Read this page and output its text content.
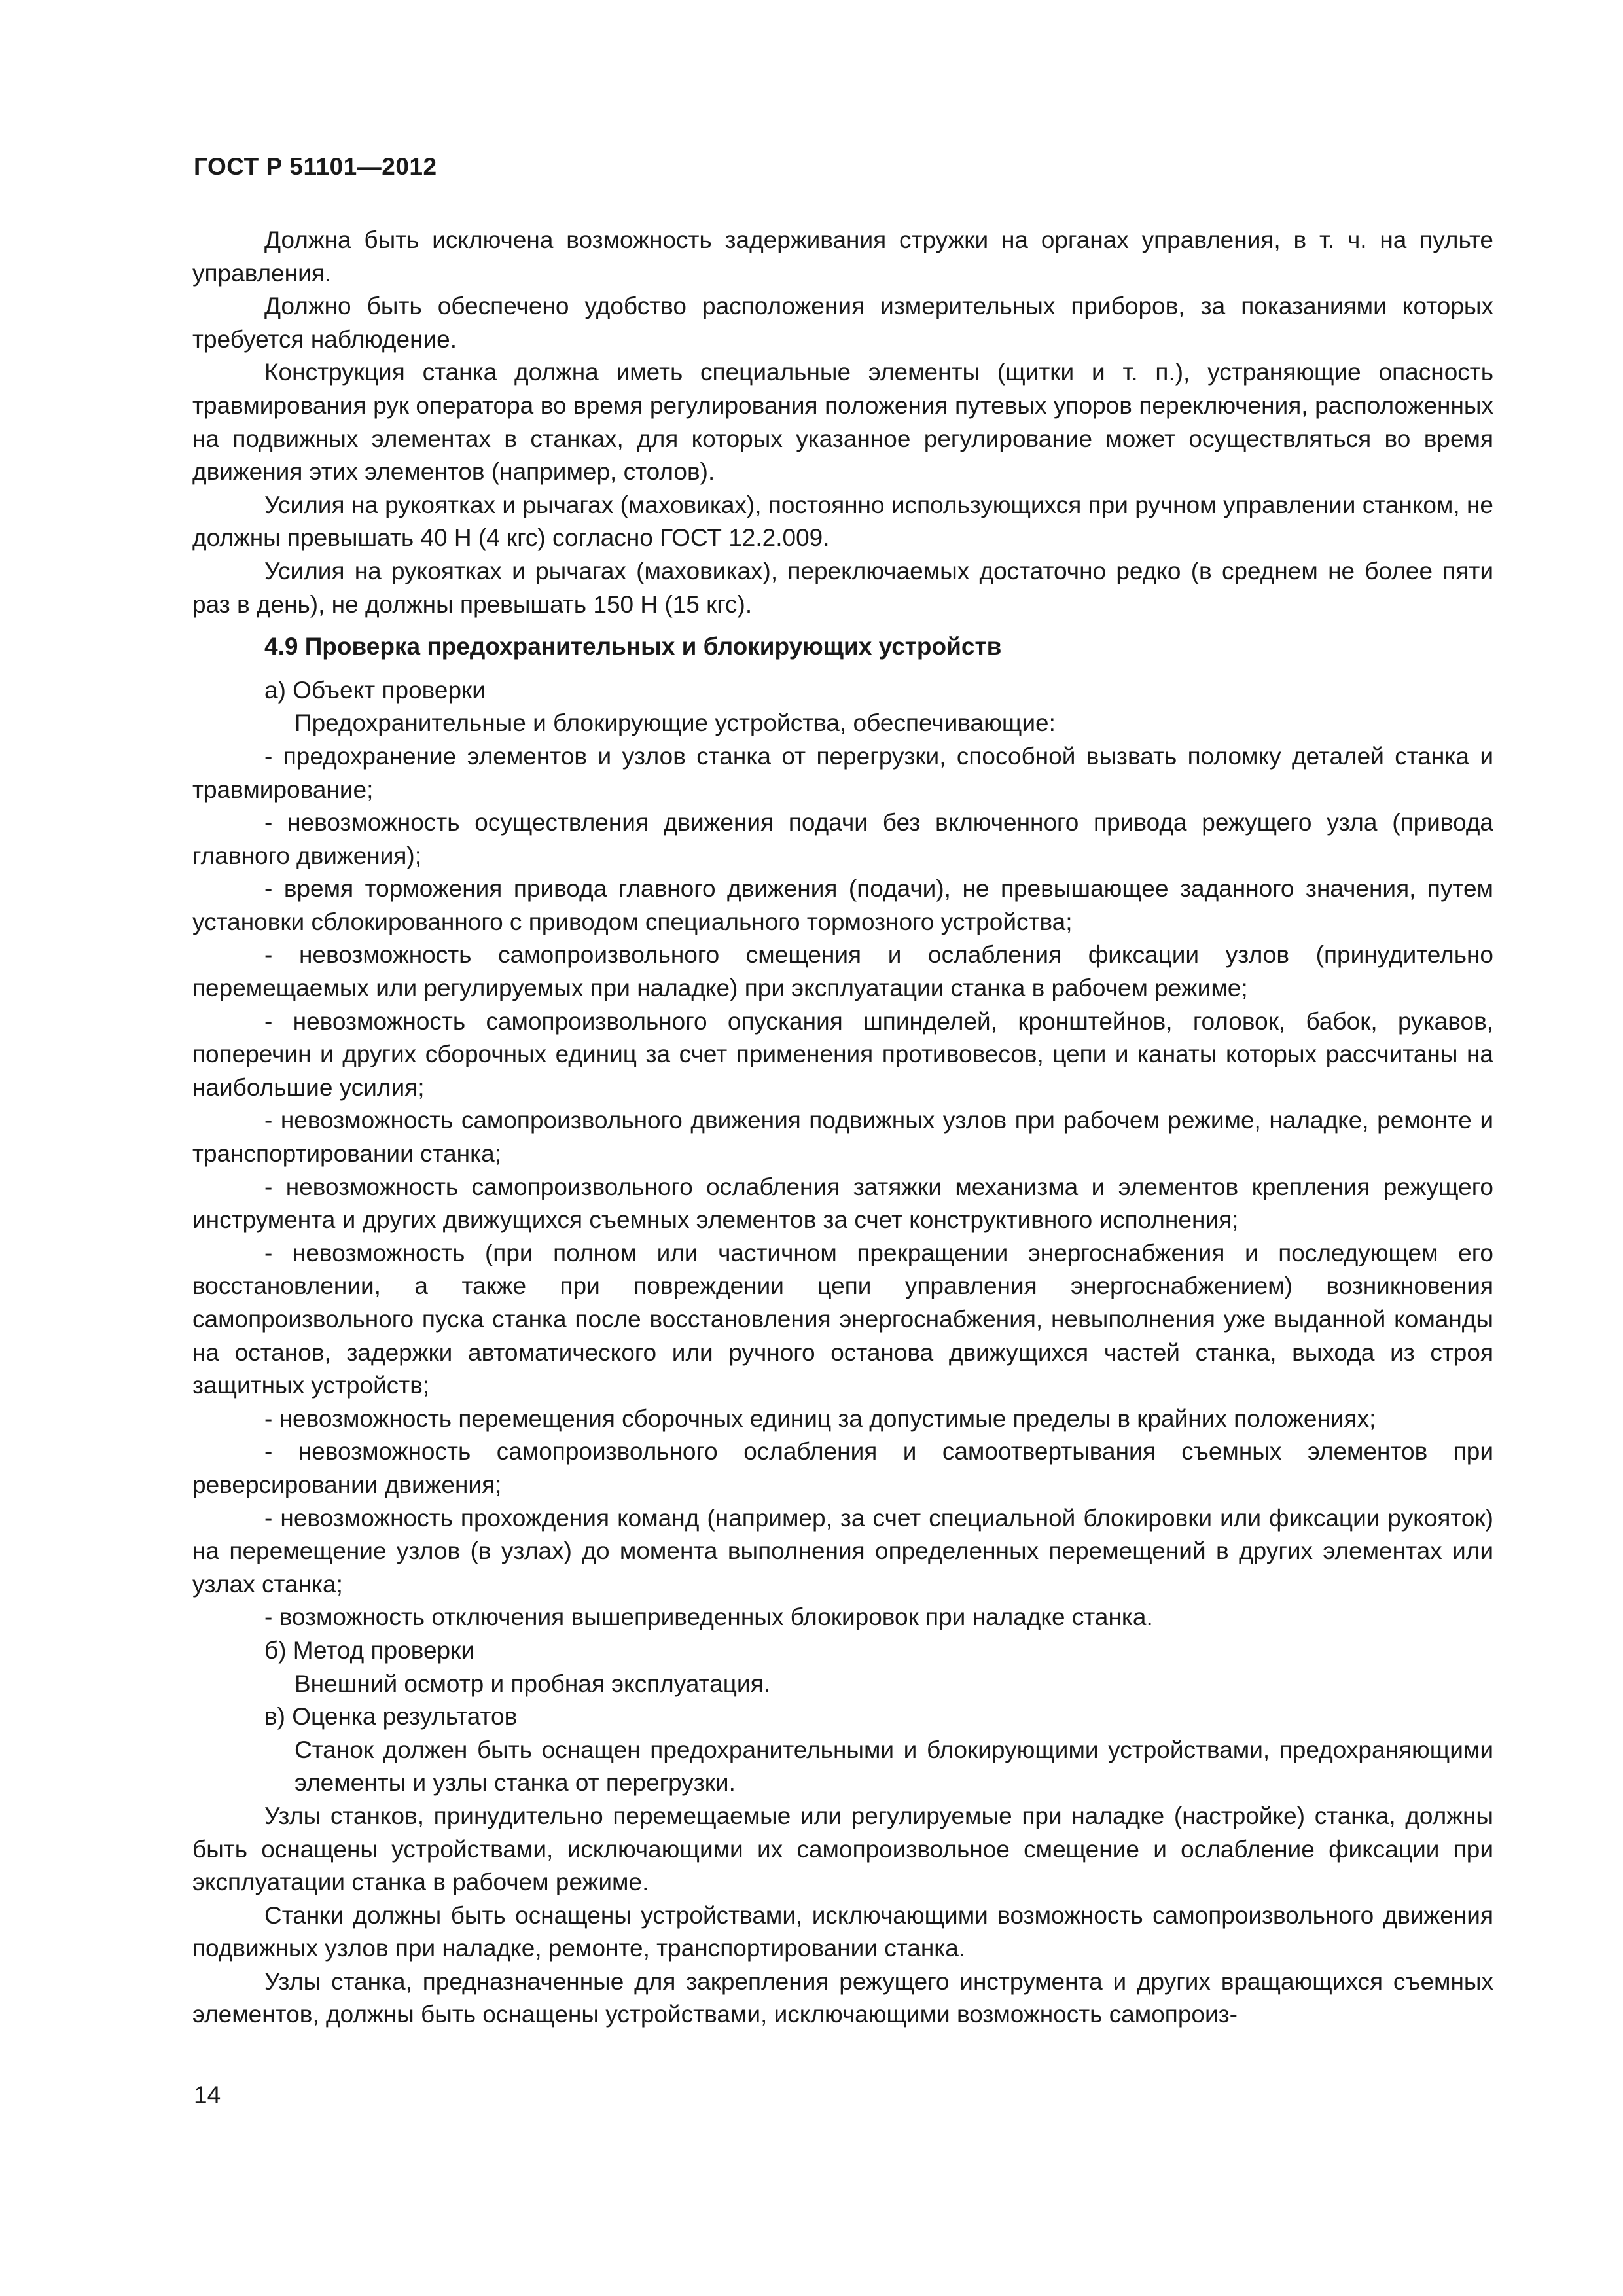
ГОСТ Р 51101—2012

Должна быть исключена возможность задерживания стружки на органах управления, в т. ч. на пульте управления.

Должно быть обеспечено удобство расположения измерительных приборов, за показаниями которых требуется наблюдение.

Конструкция станка должна иметь специальные элементы (щитки и т. п.), устраняющие опасность травмирования рук оператора во время регулирования положения путевых упоров переключения, расположенных на подвижных элементах в станках, для которых указанное регулирование может осуществляться во время движения этих элементов (например, столов).

Усилия на рукоятках и рычагах (маховиках), постоянно использующихся при ручном управлении станком, не должны превышать 40 Н (4 кгс) согласно ГОСТ 12.2.009.

Усилия на рукоятках и рычагах (маховиках), переключаемых достаточно редко (в среднем не более пяти раз в день), не должны превышать 150 Н (15 кгс).

4.9 Проверка предохранительных и блокирующих устройств

а) Объект проверки

Предохранительные и блокирующие устройства, обеспечивающие:

- предохранение элементов и узлов станка от перегрузки, способной вызвать поломку деталей станка и травмирование;

- невозможность осуществления движения подачи без включенного привода режущего узла (привода главного движения);

- время торможения привода главного движения (подачи), не превышающее заданного значения, путем установки сблокированного с приводом специального тормозного устройства;

- невозможность самопроизвольного смещения и ослабления фиксации узлов (принудительно перемещаемых или регулируемых при наладке) при эксплуатации станка в рабочем режиме;

- невозможность самопроизвольного опускания шпинделей, кронштейнов, головок, бабок, рукавов, поперечин и других сборочных единиц за счет применения противовесов, цепи и канаты которых рассчитаны на наибольшие усилия;

- невозможность самопроизвольного движения подвижных узлов при рабочем режиме, наладке, ремонте и транспортировании станка;

- невозможность самопроизвольного ослабления затяжки механизма и элементов крепления режущего инструмента и других движущихся съемных элементов за счет конструктивного исполнения;

- невозможность (при полном или частичном прекращении энергоснабжения и последующем его восстановлении, а также при повреждении цепи управления энергоснабжением) возникновения самопроизвольного пуска станка после восстановления энергоснабжения, невыполнения уже выданной команды на останов, задержки автоматического или ручного останова движущихся частей станка, выхода из строя защитных устройств;

- невозможность перемещения сборочных единиц за допустимые пределы в крайних положениях;

- невозможность самопроизвольного ослабления и самоотвертывания съемных элементов при реверсировании движения;

- невозможность прохождения команд (например, за счет специальной блокировки или фиксации рукояток) на перемещение узлов (в узлах) до момента выполнения определенных перемещений в других элементах или узлах станка;

- возможность отключения вышеприведенных блокировок при наладке станка.

б) Метод проверки

Внешний осмотр и пробная эксплуатация.

в) Оценка результатов

Станок должен быть оснащен предохранительными и блокирующими устройствами, предохраняющими элементы и узлы станка от перегрузки.

Узлы станков, принудительно перемещаемые или регулируемые при наладке (настройке) станка, должны быть оснащены устройствами, исключающими их самопроизвольное смещение и ослабление фиксации при эксплуатации станка в рабочем режиме.

Станки должны быть оснащены устройствами, исключающими возможность самопроизвольного движения подвижных узлов при наладке, ремонте, транспортировании станка.

Узлы станка, предназначенные для закрепления режущего инструмента и других вращающихся съемных элементов, должны быть оснащены устройствами, исключающими возможность самопроиз-

14
